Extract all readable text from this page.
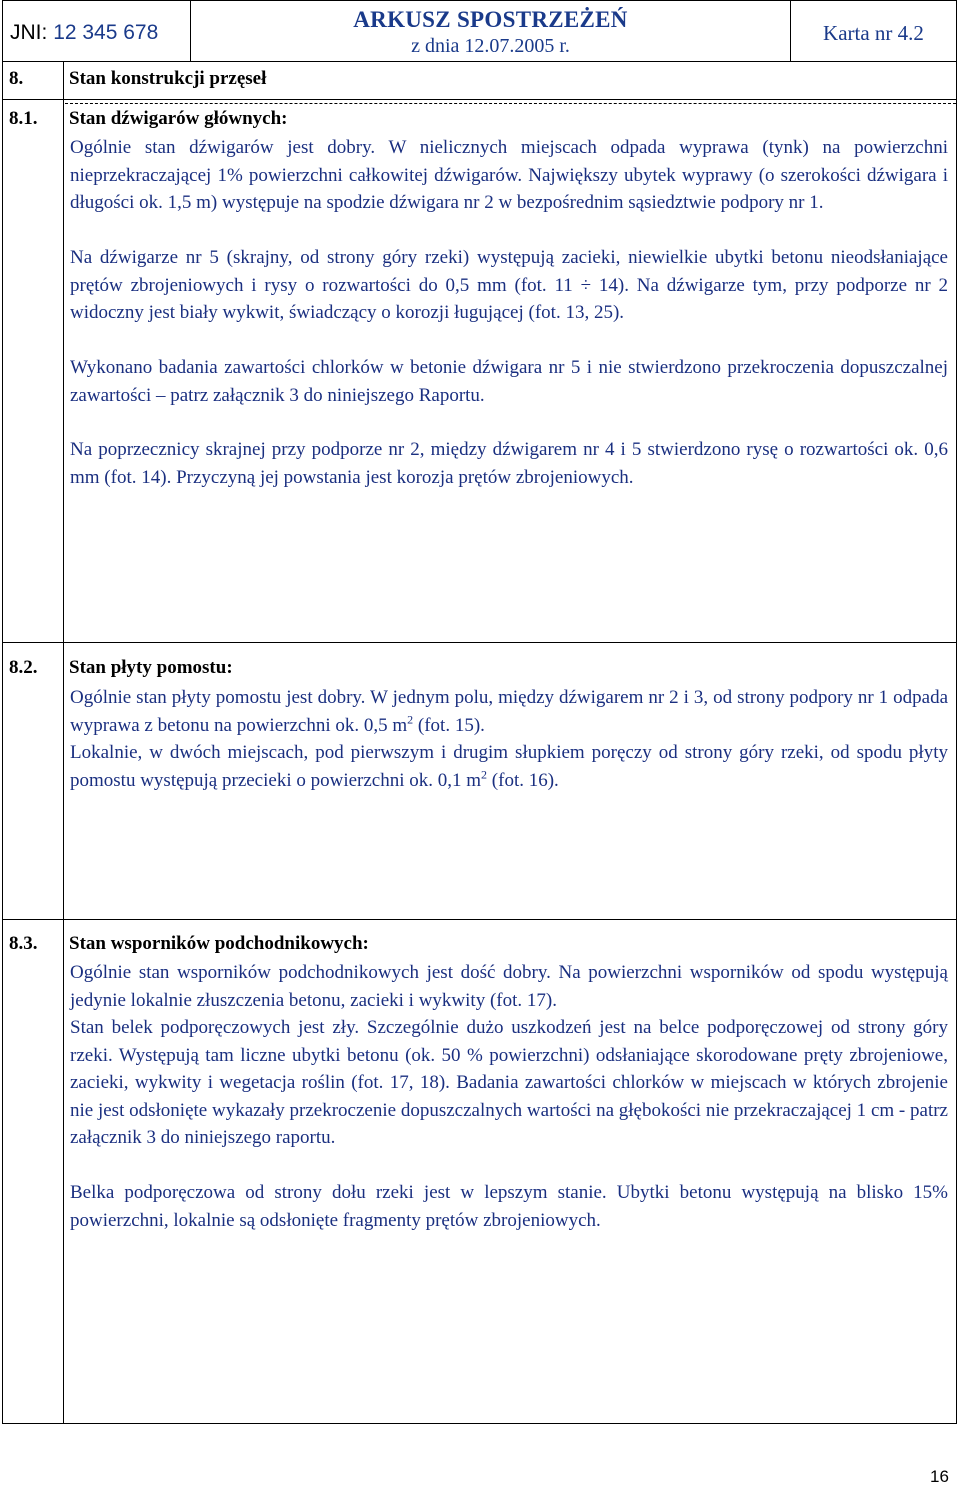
JNI: 12 345 678
ARKUSZ SPOSTRZEŻEŃ
z dnia 12.07.2005 r.
Karta nr 4.2
8. Stan konstrukcji przęseł
8.1. Stan dźwigarów głównych:

Ogólnie stan dźwigarów jest dobry. W nielicznych miejscach odpada wyprawa (tynk) na powierzchni nieprzekraczającej 1% powierzchni całkowitej dźwigarów. Największy ubytek wyprawy (o szerokości dźwigara i długości ok. 1,5 m) występuje na spodzie dźwigara nr 2 w bezpośrednim sąsiedztwie podpory nr 1.

Na dźwigarze nr 5 (skrajny, od strony góry rzeki) występują zacieki, niewielkie ubytki betonu nieodsłaniające prętów zbrojeniowych i rysy o rozwartości do 0,5 mm (fot. 11 ÷ 14). Na dźwigarze tym, przy podporze nr 2 widoczny jest biały wykwit, świadczący o korozji ługującej (fot. 13, 25).

Wykonano badania zawartości chlorków w betonie dźwigara nr 5 i nie stwierdzono przekroczenia dopuszczalnej zawartości – patrz załącznik 3 do niniejszego Raportu.

Na poprzecznicy skrajnej przy podporze nr 2, między dźwigarem nr 4 i 5 stwierdzono rysę o rozwartości ok. 0,6 mm (fot. 14). Przyczyną jej powstania jest korozja prętów zbrojeniowych.

8.2. Stan płyty pomostu:

Ogólnie stan płyty pomostu jest dobry. W jednym polu, między dźwigarem nr 2 i 3, od strony podpory nr 1 odpada wyprawa z betonu na powierzchni ok. 0,5 $m^2$ (fot. 15).

Lokalnie, w dwóch miejscach, pod pierwszym i drugim słupkiem poręczy od strony góry rzeki, od spodu płyty pomostu występują przecieki o powierzchni ok. 0,1 $m^2$ (fot. 16).

8.3. Stan wsporników podchodnikowych:

Ogólnie stan wsporników podchodnikowych jest dość dobry. Na powierzchni wsporników od spodu występują jedynie lokalnie złuszczenia betonu, zacieki i wykwity (fot. 17).

Stan belek podporęczowych jest zły. Szczególnie dużo uszkodzeń jest na belce podporęczowej od strony góry rzeki. Występują tam liczne ubytki betonu (ok. 50 % powierzchni) odsłaniające skorodowane pręty zbrojeniowe, zacieki, wykwity i wegetacja roślin (fot. 17, 18). Badania zawartości chlorków w miejscach w których zbrojenie nie jest odsłonięte wykazały przekroczenie dopuszczalnych wartości na głębokości nie przekraczającej 1 cm - patrz załącznik 3 do niniejszego raportu.

Belka podporęczowa od strony dołu rzeki jest w lepszym stanie. Ubytki betonu występują na blisko 15% powierzchni, lokalnie są odsłonięte fragmenty prętów zbrojeniowych.

16
